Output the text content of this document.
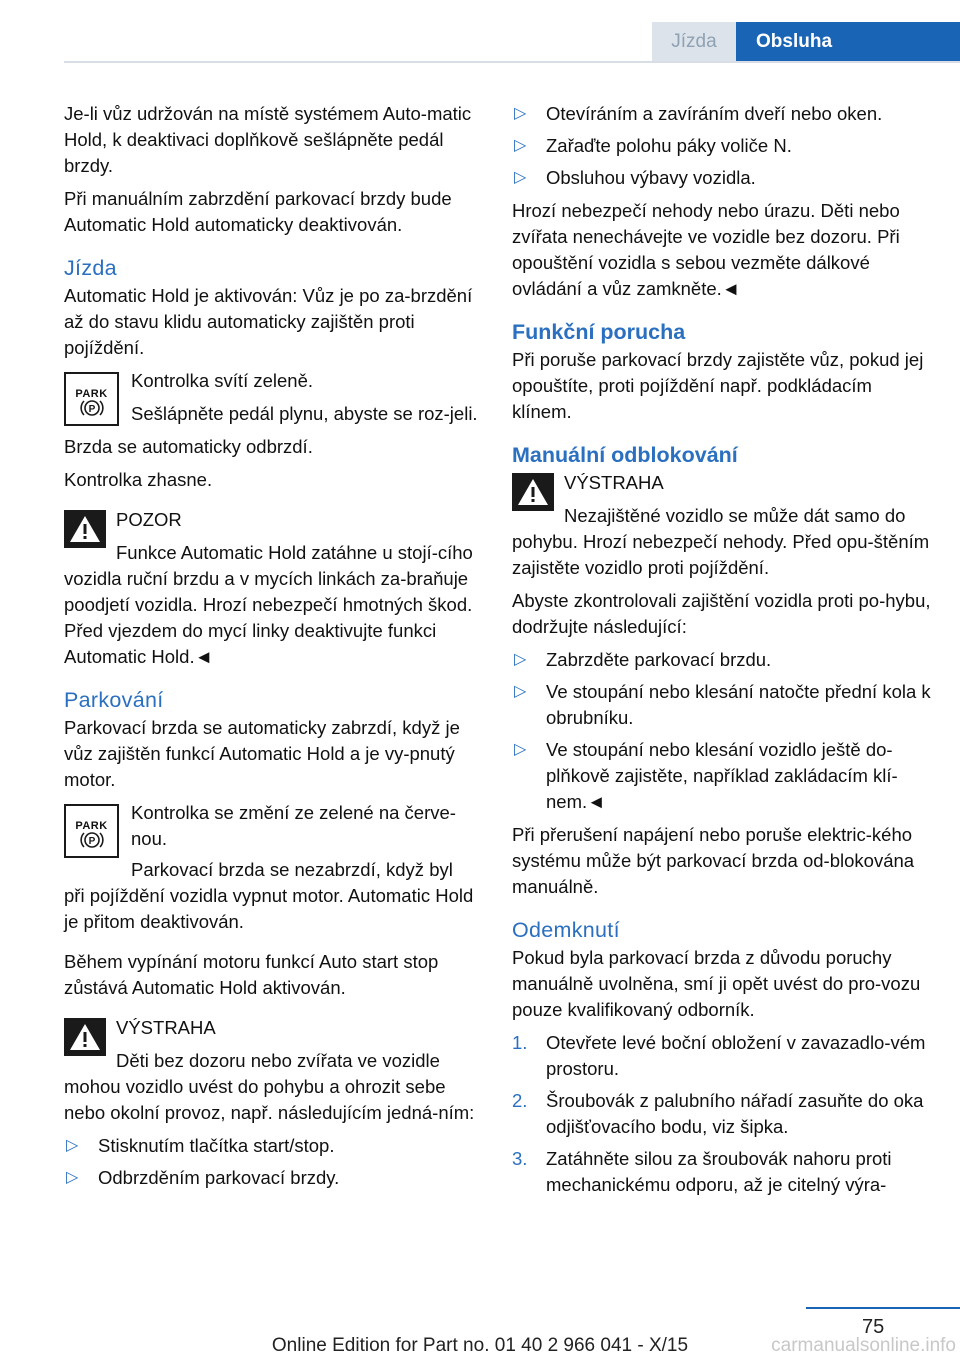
Jízda	Obsluha

Je-li vůz udržován na místě systémem Auto-matic Hold, k deaktivaci doplňkově sešlápněte pedál brzdy.

Při manuálním zabrzdění parkovací brzdy bude Automatic Hold automaticky deaktivován.

Jízda

Automatic Hold je aktivován: Vůz je po za-brzdění až do stavu klidu automaticky zajištěn proti pojíždění.

PARK
P

Kontrolka svítí zeleně.

Sešlápněte pedál plynu, abyste se roz-jeli.

Brzda se automaticky odbrzdí.

Kontrolka zhasne.

POZOR
Funkce Automatic Hold zatáhne u stojí-cího vozidla ruční brzdu a v mycích linkách za-braňuje poodjetí vozidla. Hrozí nebezpečí hmotných škod. Před vjezdem do mycí linky deaktivujte funkci Automatic Hold.◄
Parkování

Parkovací brzda se automaticky zabrzdí, když je vůz zajištěn funkcí Automatic Hold a je vy-pnutý motor.

PARK
P

Kontrolka se změní ze zelené na červe-nou.

Parkovací brzda se nezabrzdí, když byl při pojíždění vozidla vypnut motor. Automatic Hold je přitom deaktivován.

Během vypínání motoru funkcí Auto start stop zůstává Automatic Hold aktivován.

VÝSTRAHA
Děti bez dozoru nebo zvířata ve vozidle mohou vozidlo uvést do pohybu a ohrozit sebe nebo okolní provoz, např. následujícím jedná-ním:
▷ Stisknutím tlačítka start/stop.
▷ Odbrzděním parkovací brzdy.
▷ Otevíráním a zavíráním dveří nebo oken.
▷ Zařaďte polohu páky voliče N.
▷ Obsluhou výbavy vozidla.

Hrozí nebezpečí nehody nebo úrazu. Děti nebo zvířata nenechávejte ve vozidle bez dozoru. Při opouštění vozidla s sebou vezměte dálkové ovládání a vůz zamkněte.◄

Funkční porucha

Při poruše parkovací brzdy zajistěte vůz, pokud jej opouštíte, proti pojíždění např. podkládacím klínem.

Manuální odblokování
VÝSTRAHA
Nezajištěné vozidlo se může dát samo do pohybu. Hrozí nebezpečí nehody. Před opu-štěním zajistěte vozidlo proti pojíždění.

Abyste zkontrolovali zajištění vozidla proti po-hybu, dodržujte následující:

▷ Zabrzděte parkovací brzdu.
▷ Ve stoupání nebo klesání natočte přední kola k obrubníku.
▷ Ve stoupání nebo klesání vozidlo ještě do-plňkově zajistěte, například zakládacím klí-nem.◄

Při přerušení napájení nebo poruše elektric-kého systému může být parkovací brzda od-blokována manuálně.

Odemknutí

Pokud byla parkovací brzda z důvodu poruchy manuálně uvolněna, smí ji opět uvést do pro-vozu pouze kvalifikovaný odborník.

1. Otevřete levé boční obložení v zavazadlo-vém prostoru.
2. Šroubovák z palubního nářadí zasuňte do oka odjišťovacího bodu, viz šipka.
3. Zatáhněte silou za šroubovák nahoru proti mechanickému odporu, až je citelný výra-
75
Online Edition for Part no. 01 40 2 966 041 - X/15	carmanualsonline.info
